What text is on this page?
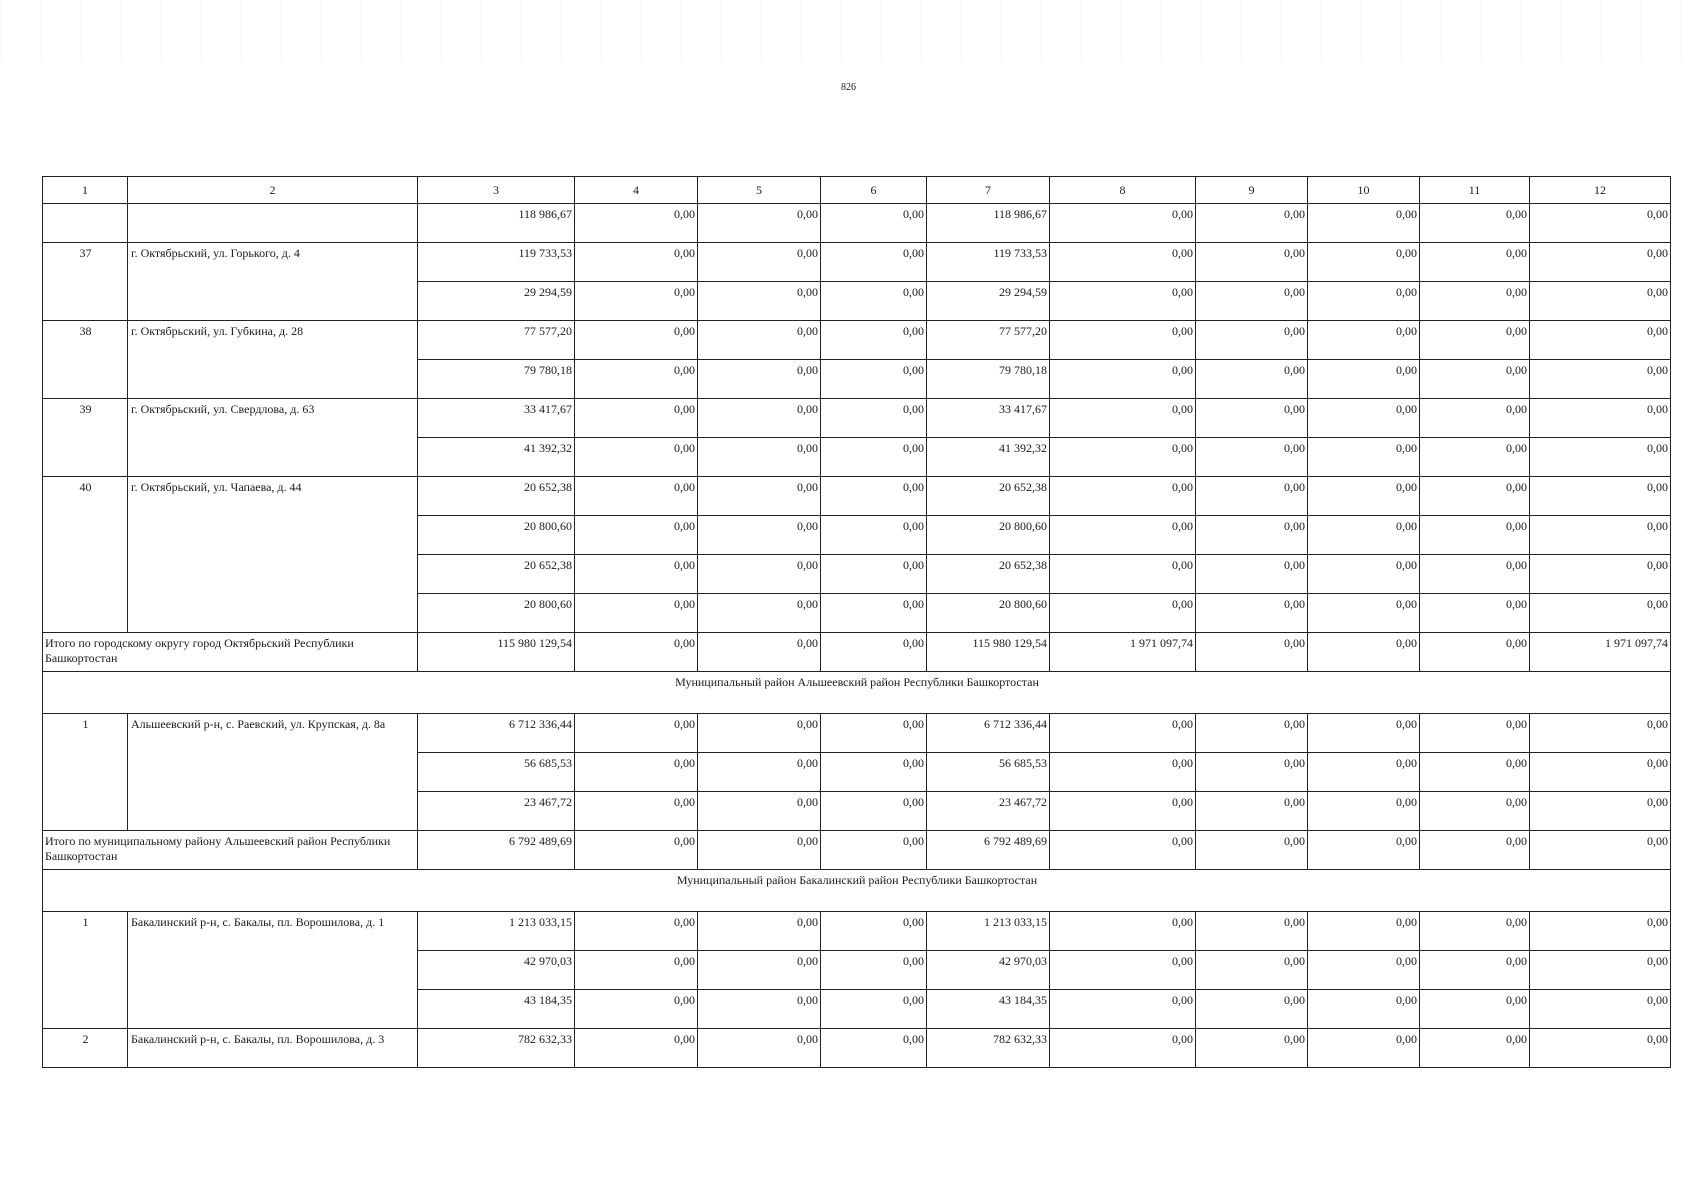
826
1	2	3	4	5	6	7	8	9	10	11	12
		118 986,67	0,00	0,00	0,00	118 986,67	0,00	0,00	0,00	0,00	0,00
37	г. Октябрьский, ул. Горького, д. 4	119 733,53	0,00	0,00	0,00	119 733,53	0,00	0,00	0,00	0,00	0,00
		29 294,59	0,00	0,00	0,00	29 294,59	0,00	0,00	0,00	0,00	0,00
38	г. Октябрьский, ул. Губкина, д. 28	77 577,20	0,00	0,00	0,00	77 577,20	0,00	0,00	0,00	0,00	0,00
		79 780,18	0,00	0,00	0,00	79 780,18	0,00	0,00	0,00	0,00	0,00
39	г. Октябрьский, ул. Свердлова, д. 63	33 417,67	0,00	0,00	0,00	33 417,67	0,00	0,00	0,00	0,00	0,00
		41 392,32	0,00	0,00	0,00	41 392,32	0,00	0,00	0,00	0,00	0,00
40	г. Октябрьский, ул. Чапаева, д. 44	20 652,38	0,00	0,00	0,00	20 652,38	0,00	0,00	0,00	0,00	0,00
		20 800,60	0,00	0,00	0,00	20 800,60	0,00	0,00	0,00	0,00	0,00
		20 652,38	0,00	0,00	0,00	20 652,38	0,00	0,00	0,00	0,00	0,00
		20 800,60	0,00	0,00	0,00	20 800,60	0,00	0,00	0,00	0,00	0,00
Итого по городскому округу город Октябрьский Республики Башкортостан		115 980 129,54	0,00	0,00	0,00	115 980 129,54	1 971 097,74	0,00	0,00	0,00	1 971 097,74
Муниципальный район Альшеевский район Республики Башкортостан											
1	Альшеевский р-н, с. Раевский, ул. Крупская, д. 8а	6 712 336,44	0,00	0,00	0,00	6 712 336,44	0,00	0,00	0,00	0,00	0,00
		56 685,53	0,00	0,00	0,00	56 685,53	0,00	0,00	0,00	0,00	0,00
		23 467,72	0,00	0,00	0,00	23 467,72	0,00	0,00	0,00	0,00	0,00
Итого по муниципальному району Альшеевский район Республики Башкортостан		6 792 489,69	0,00	0,00	0,00	6 792 489,69	0,00	0,00	0,00	0,00	0,00
Муниципальный район Бакалинский район Республики Башкортостан											
1	Бакалинский р-н, с. Бакалы, пл. Ворошилова, д. 1	1 213 033,15	0,00	0,00	0,00	1 213 033,15	0,00	0,00	0,00	0,00	0,00
		42 970,03	0,00	0,00	0,00	42 970,03	0,00	0,00	0,00	0,00	0,00
		43 184,35	0,00	0,00	0,00	43 184,35	0,00	0,00	0,00	0,00	0,00
2	Бакалинский р-н, с. Бакалы, пл. Ворошилова, д. 3	782 632,33	0,00	0,00	0,00	782 632,33	0,00	0,00	0,00	0,00	0,00
